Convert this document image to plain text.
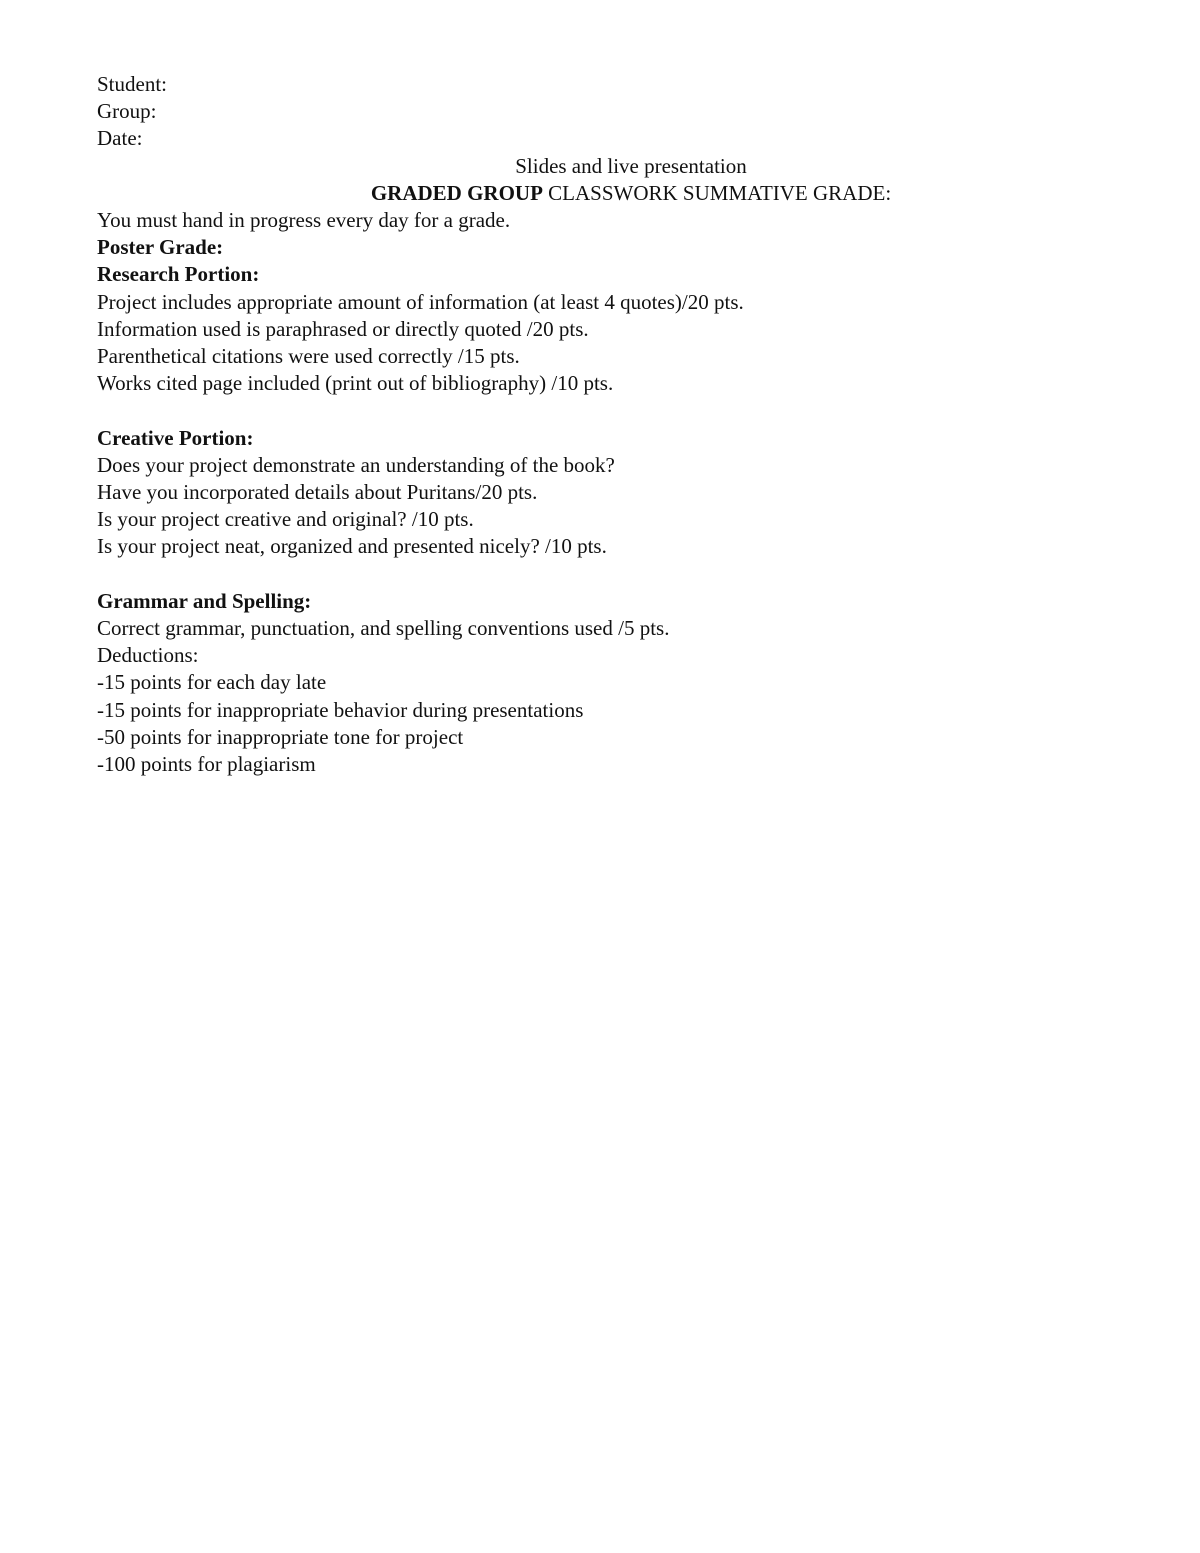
Student:
Group:
Date:
Slides and live presentation
GRADED GROUP CLASSWORK SUMMATIVE GRADE:
You must hand in progress every day for a grade.
Poster Grade:
Research Portion:
Project includes appropriate amount of information (at least 4 quotes)/20 pts.
Information used is paraphrased or directly quoted /20 pts.
Parenthetical citations were used correctly /15 pts.
Works cited page included (print out of bibliography) /10 pts.
Creative Portion:
Does your project demonstrate an understanding of the book?
Have you incorporated details about Puritans/20 pts.
Is your project creative and original? /10 pts.
Is your project neat, organized and presented nicely? /10 pts.
Grammar and Spelling:
Correct grammar, punctuation, and spelling conventions used /5 pts.
Deductions:
-15 points for each day late
-15 points for inappropriate behavior during presentations
-50 points for inappropriate tone for project
-100 points for plagiarism
